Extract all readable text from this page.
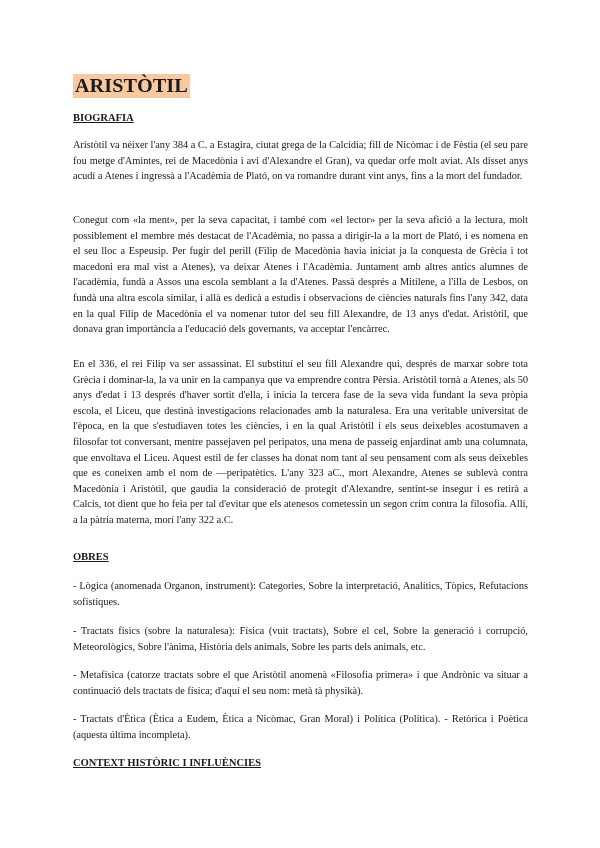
ARISTÒTIL
BIOGRAFIA

Aristòtil va néixer l'any 384 a C. a Estagira, ciutat grega de la Calcídia; fill de Nicòmac i de Fèstia (el seu pare fou metge d'Amintes, rei de Macedònia i avi d'Alexandre el Gran), va quedar orfe molt aviat. Als disset anys acudí a Atenes i ingressà a l'Acadèmia de Plató, on va romandre durant vint anys, fins a la mort del fundador.

Conegut com «la ment», per la seva capacitat, i també com «el lector» per la seva afició a la lectura, molt possiblement el membre més destacat de l'Acadèmia, no passa a dirigir-la a la mort de Plató, i es nomena en el seu lloc a Espeusip. Per fugir del perill (Filip de Macedònia havia iniciat ja la conquesta de Grècia i tot macedoni era mal vist a Atenes), va deixar Atenes i l'Acadèmia. Juntament amb altres antics alumnes de l'acadèmia, fundà a Assos una escola semblant a la d'Atenes. Passà després a Mitilene, a l'illa de Lesbos, on fundà una altra escola similar, i allà es dedicà a estudis i observacions de ciències naturals fins l'any 342, data en la qual Filip de Macedònia el va nomenar tutor del seu fill Alexandre, de 13 anys d'edat. Aristòtil, que donava gran importància a l'educació dels governants, va acceptar l'encàrrec.

En el 336, el rei Filip va ser assassinat. El substituí el seu fill Alexandre qui, després de marxar sobre tota Grècia i dominar-la, la va unir en la campanya que va emprendre contra Pèrsia. Aristòtil tornà a Atenes, als 50 anys d'edat i 13 després d'haver sortit d'ella, i inicia la tercera fase de la seva vida fundant la seva pròpia escola, el Liceu, que destinà investigacions relacionades amb la naturalesa. Era una veritable universitat de l'època, en la que s'estudiaven totes les ciències, i en la qual Aristòtil i els seus deixebles acostumaven a filosofar tot conversant, mentre passejaven pel peripatos, una mena de passeig enjardinat amb una columnata, que envoltava el Liceu. Aquest estil de fer classes ha donat nom tant al seu pensament com als seus deixebles que es coneixen amb el nom de —peripatètics. L'any 323 aC., mort Alexandre, Atenes se sublevà contra Macedònia i Aristòtil, que gaudia la consideració de protegit d'Alexandre, sentint-se insegur i es retirà a Calcis, tot dient que ho feia per tal d'evitar que els atenesos cometessin un segon crim contra la filosofia. Allí, a la pàtria materna, morí l'any 322 a.C.

OBRES

- Lògica (anomenada Organon, instrument): Categories, Sobre la interpretació, Analítics, Tòpics, Refutacions sofístiques.

- Tractats físics (sobre la naturalesa): Física (vuit tractats), Sobre el cel, Sobre la generació i corrupció, Meteorològics, Sobre l'ànima, Història dels animals, Sobre les parts dels animals, etc.

- Metafísica (catorze tractats sobre el que Aristòtil anomenà «Filosofia primera» i que Andrònic va situar a continuació dels tractats de física; d'aquí el seu nom: metà tà physikà).

- Tractats d'Ètica (Ètica a Eudem, Ètica a Nicòmac, Gran Moral) i Política (Política). - Retòrica i Poètica (aquesta última incompleta).

CONTEXT HISTÒRIC I INFLUÈNCIES
